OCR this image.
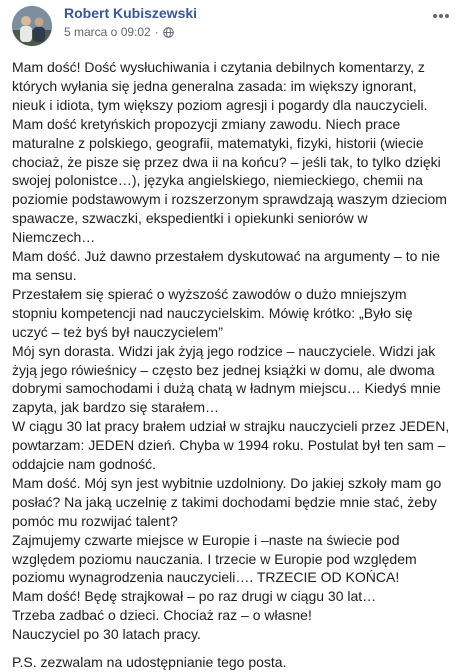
Robert Kubiszewski
5 marca o 09:02 ·

Mam dość! Dość wysłuchiwania i czytania debilnych komentarzy, z których wyłania się jedna generalna zasada: im większy ignorant, nieuk i idiota, tym większy poziom agresji i pogardy dla nauczycieli. Mam dość kretyńskich propozycji zmiany zawodu. Niech prace maturalne z polskiego, geografii, matematyki, fizyki, historii (wiecie chociaż, że pisze się przez dwa ii na końcu? – jeśli tak, to tylko dzięki swojej polonistce…), języka angielskiego, niemieckiego, chemii na poziomie podstawowym i rozszerzonym sprawdzają waszym dzieciom spawacze, szwaczki, ekspedientki i opiekunki seniorów w Niemczech…

Mam dość. Już dawno przestałem dyskutować na argumenty – to nie ma sensu.

Przestałem się spierać o wyższość zawodów o dużo mniejszym stopniu kompetencji nad nauczycielskim. Mówię krótko: „Było się uczyć – też byś był nauczycielem”

Mój syn dorasta. Widzi jak żyją jego rodzice – nauczyciele. Widzi jak żyją jego rówieśnicy – często bez jednej książki w domu, ale dwoma dobrymi samochodami i dużą chatą w ładnym miejscu… Kiedyś mnie zapyta, jak bardzo się starałem…

W ciągu 30 lat pracy brałem udział w strajku nauczycieli przez JEDEN, powtarzam: JEDEN dzień. Chyba w 1994 roku. Postulat był ten sam – oddajcie nam godność.

Mam dość. Mój syn jest wybitnie uzdolniony. Do jakiej szkoły mam go posłać? Na jaką uczelnię z takimi dochodami będzie mnie stać, żeby pomóc mu rozwijać talent?

Zajmujemy czwarte miejsce w Europie i –naste na świecie pod względem poziomu nauczania. I trzecie w Europie pod względem poziomu wynagrodzenia nauczycieli…. TRZECIE OD KOŃCA!

Mam dość! Będę strajkował – po raz drugi w ciągu 30 lat…

Trzeba zadbać o dzieci. Chociaż raz – o własne!

Nauczyciel po 30 latach pracy.

P.S. zezwalam na udostępnianie tego posta.
